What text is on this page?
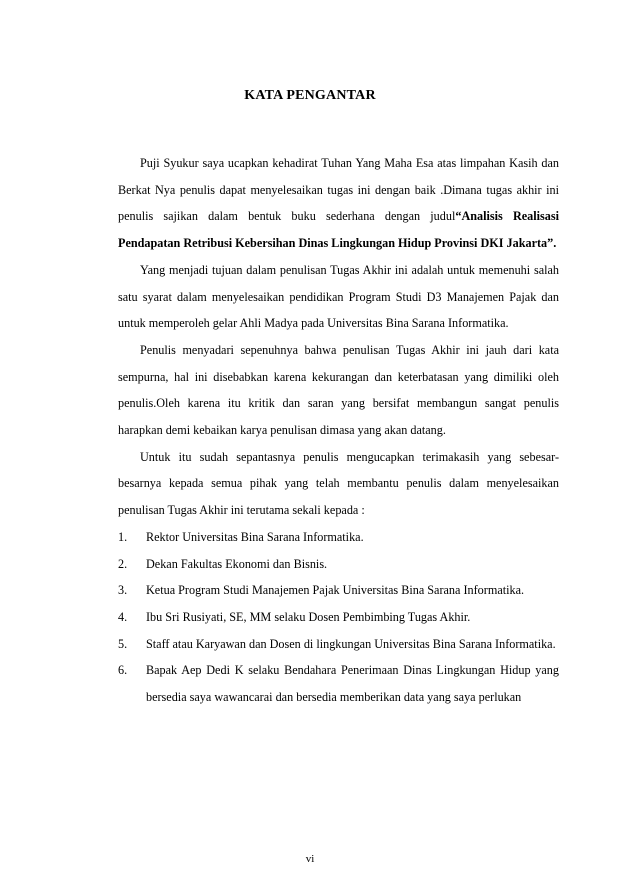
KATA PENGANTAR

Puji Syukur saya ucapkan kehadirat Tuhan Yang Maha Esa atas limpahan Kasih dan Berkat Nya penulis dapat menyelesaikan tugas ini dengan baik .Dimana tugas akhir ini penulis sajikan dalam bentuk buku sederhana dengan judul“Analisis Realisasi Pendapatan Retribusi Kebersihan Dinas Lingkungan Hidup Provinsi DKI Jakarta”.

Yang menjadi tujuan dalam penulisan Tugas Akhir ini adalah untuk memenuhi salah satu syarat dalam menyelesaikan pendidikan Program Studi D3 Manajemen Pajak dan untuk memperoleh gelar Ahli Madya pada Universitas Bina Sarana Informatika.

Penulis menyadari sepenuhnya bahwa penulisan Tugas Akhir ini jauh dari kata sempurna, hal ini disebabkan karena kekurangan dan keterbatasan yang dimiliki oleh penulis.Oleh karena itu kritik dan saran yang bersifat membangun sangat penulis harapkan demi kebaikan karya penulisan dimasa yang akan datang.

Untuk itu sudah sepantasnya penulis mengucapkan terimakasih yang sebesar-besarnya kepada semua pihak yang telah membantu penulis dalam menyelesaikan penulisan Tugas Akhir ini terutama sekali kepada :

1. Rektor Universitas Bina Sarana Informatika.
2. Dekan Fakultas Ekonomi dan Bisnis.
3. Ketua Program Studi Manajemen Pajak Universitas Bina Sarana Informatika.
4. Ibu Sri Rusiyati, SE, MM selaku Dosen Pembimbing Tugas Akhir.
5. Staff atau Karyawan dan Dosen di lingkungan Universitas Bina Sarana Informatika.
6. Bapak Aep Dedi K selaku Bendahara Penerimaan Dinas Lingkungan Hidup yang bersedia saya wawancarai dan bersedia memberikan data yang saya perlukan
vi
